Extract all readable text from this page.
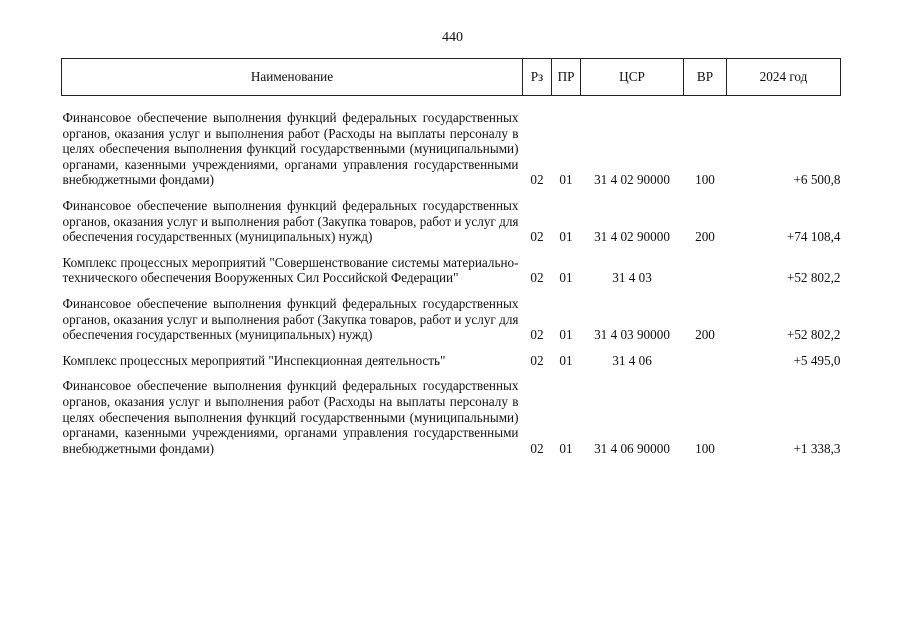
440
Наименование	Рз	ПР	ЦСР	ВР	2024 год
Финансовое обеспечение выполнения функций федеральных государственных органов, оказания услуг и выполнения работ (Расходы на выплаты персоналу в целях обеспечения выполнения функций государственными (муниципальными) органами, казенными учреждениями, органами управления государственными внебюджетными фондами)	02	01	31 4 02 90000	100	+6 500,8
Финансовое обеспечение выполнения функций федеральных государственных органов, оказания услуг и выполнения работ (Закупка товаров, работ и услуг для обеспечения государственных (муниципальных) нужд)	02	01	31 4 02 90000	200	+74 108,4
Комплекс процессных мероприятий "Совершенствование системы материально-технического обеспечения Вооруженных Сил Российской Федерации"	02	01	31 4 03		+52 802,2
Финансовое обеспечение выполнения функций федеральных государственных органов, оказания услуг и выполнения работ (Закупка товаров, работ и услуг для обеспечения государственных (муниципальных) нужд)	02	01	31 4 03 90000	200	+52 802,2
Комплекс процессных мероприятий "Инспекционная деятельность"	02	01	31 4 06		+5 495,0
Финансовое обеспечение выполнения функций федеральных государственных органов, оказания услуг и выполнения работ (Расходы на выплаты персоналу в целях обеспечения выполнения функций государственными (муниципальными) органами, казенными учреждениями, органами управления государственными внебюджетными фондами)	02	01	31 4 06 90000	100	+1 338,3
